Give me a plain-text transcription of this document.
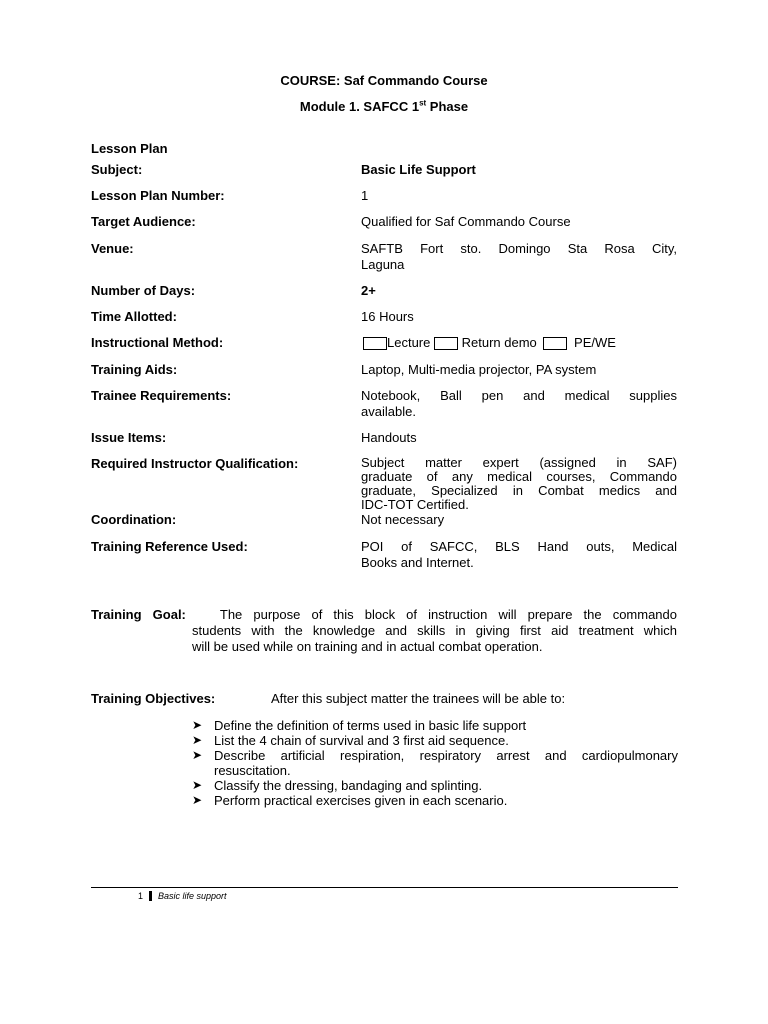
COURSE: Saf Commando Course
Module 1. SAFCC 1st Phase
Lesson Plan
Subject:	Basic Life Support
Lesson Plan Number:	1
Target Audience:	Qualified for Saf Commando Course
Venue:	SAFTB Fort sto. Domingo Sta Rosa City,
Laguna
Number of Days:	2+
Time Allotted:	16 Hours
Instructional Method:	Lecture Return demo	PE/WE
Training Aids:	Laptop, Multi-media projector, PA system
Trainee Requirements:	Notebook, Ball pen and medical supplies
available.
Issue Items:	Handouts
Required Instructor Qualification:	Subject matter expert (assigned in SAF)
graduate of any medical courses, Commando
graduate, Specialized in Combat medics and
IDC-TOT Certified.
Coordination:	Not necessary
Training Reference Used:	POI of SAFCC, BLS Hand outs, Medical
Books and Internet.
Training Goal:	The purpose of this block of instruction will prepare the commando
students with the knowledge and skills in giving first aid treatment which
will be used while on training and in actual combat operation.
Training Objectives:	After this subject matter the trainees will be able to:
➤ Define the definition of terms used in basic life support
➤ List the 4 chain of survival and 3 first aid sequence.
➤ Describe artificial respiration, respiratory arrest and cardiopulmonary resuscitation.
➤ Classify the dressing, bandaging and splinting.
➤ Perform practical exercises given in each scenario.
1 Basic life support
